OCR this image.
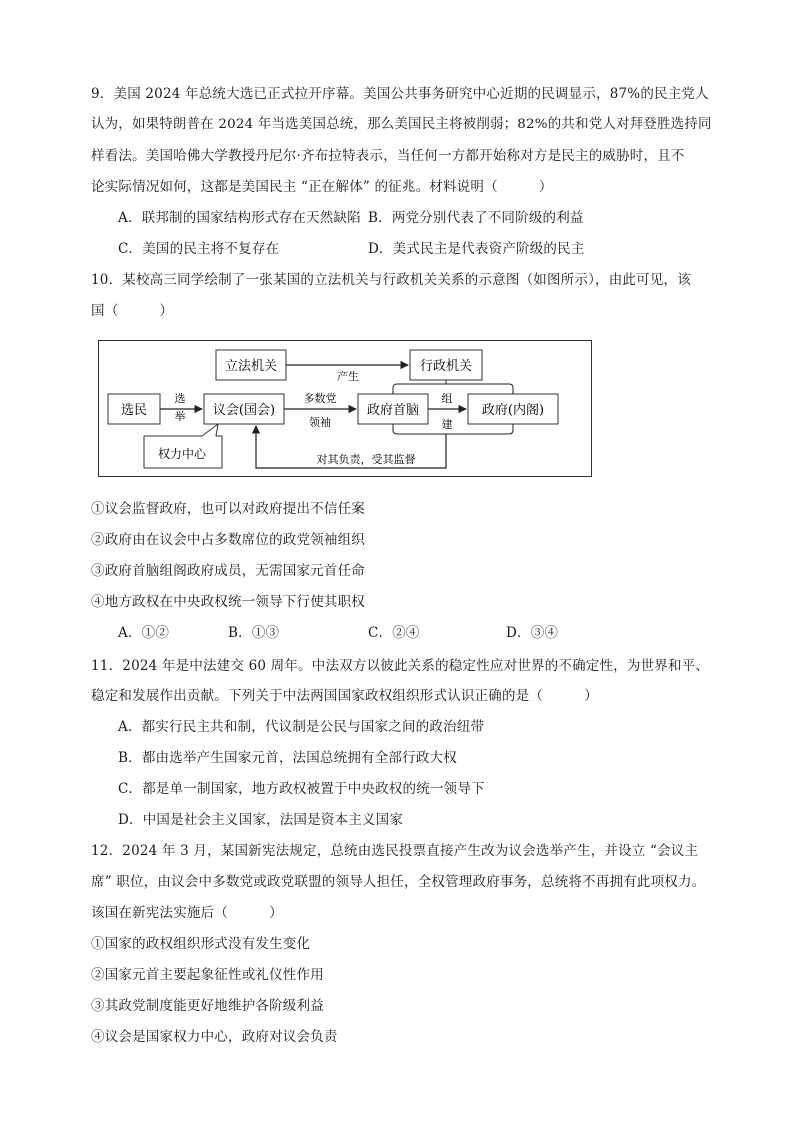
9．美国 2024 年总统大选已正式拉开序幕。美国公共事务研究中心近期的民调显示，87%的民主党人
认为，如果特朗普在 2024 年当选美国总统，那么美国民主将被削弱；82%的共和党人对拜登胜选持同
样看法。美国哈佛大学教授丹尼尔·齐布拉特表示，当任何一方都开始称对方是民主的威胁时，且不
论实际情况如何，这都是美国民主 “正在解体” 的征兆。材料说明（　　　）
A．联邦制的国家结构形式存在天然缺陷 B．两党分别代表了不同阶级的利益
C．美国的民主将不复存在	D．美式民主是代表资产阶级的民主
10．某校高三同学绘制了一张某国的立法机关与行政机关关系的示意图（如图所示），由此可见，该
国（　　　）
选民	议会(国会)
立法机关	行政机关
政府首脑	政府(内阁)
权力中心
选
举
产生
多数党
领袖
组
建
对其负责，受其监督
①议会监督政府，也可以对政府提出不信任案
②政府由在议会中占多数席位的政党领袖组织
③政府首脑组阁政府成员，无需国家元首任命
④地方政权在中央政权统一领导下行使其职权
A．①②	B．①③	C．②④	D．③④
11．2024 年是中法建交 60 周年。中法双方以彼此关系的稳定性应对世界的不确定性，为世界和平、
稳定和发展作出贡献。下列关于中法两国国家政权组织形式认识正确的是（　　　）
A．都实行民主共和制，代议制是公民与国家之间的政治纽带
B．都由选举产生国家元首，法国总统拥有全部行政大权
C．都是单一制国家，地方政权被置于中央政权的统一领导下
D．中国是社会主义国家，法国是资本主义国家
12．2024 年 3 月，某国新宪法规定，总统由选民投票直接产生改为议会选举产生，并设立 “会议主
席” 职位，由议会中多数党或政党联盟的领导人担任，全权管理政府事务，总统将不再拥有此项权力。
该国在新宪法实施后（　　　）
①国家的政权组织形式没有发生变化
②国家元首主要起象征性或礼仪性作用
③其政党制度能更好地维护各阶级利益
④议会是国家权力中心，政府对议会负责
